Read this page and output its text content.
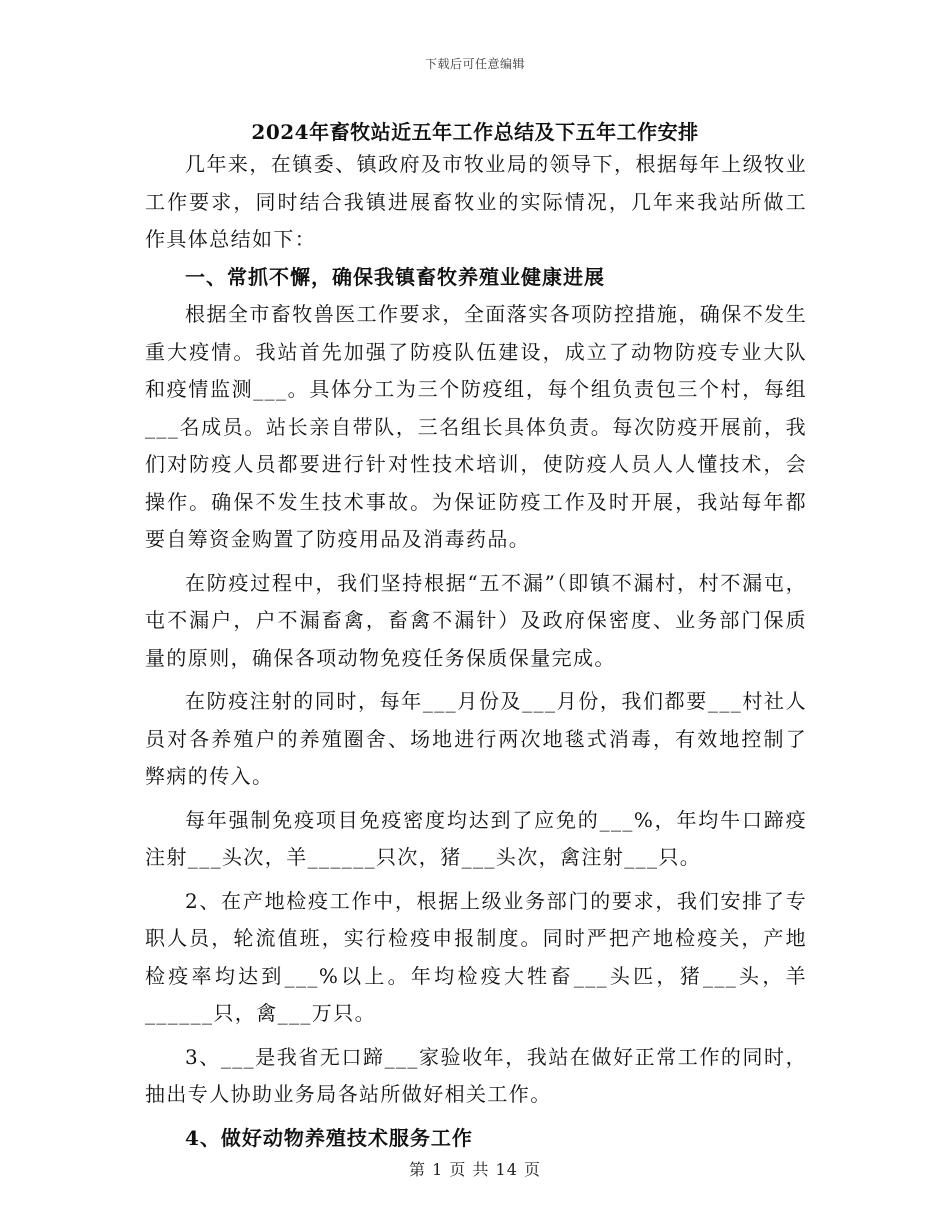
下载后可任意编辑
2024年畜牧站近五年工作总结及下五年工作安排

几年来，在镇委、镇政府及市牧业局的领导下，根据每年上级牧业工作要求，同时结合我镇进展畜牧业的实际情况，几年来我站所做工作具体总结如下：

一、常抓不懈，确保我镇畜牧养殖业健康进展

根据全市畜牧兽医工作要求，全面落实各项防控措施，确保不发生重大疫情。我站首先加强了防疫队伍建设，成立了动物防疫专业大队和疫情监测___。具体分工为三个防疫组，每个组负责包三个村，每组___名成员。站长亲自带队，三名组长具体负责。每次防疫开展前，我们对防疫人员都要进行针对性技术培训，使防疫人员人人懂技术，会操作。确保不发生技术事故。为保证防疫工作及时开展，我站每年都要自筹资金购置了防疫用品及消毒药品。

在防疫过程中，我们坚持根据“五不漏”（即镇不漏村，村不漏屯，屯不漏户，户不漏畜禽，畜禽不漏针）及政府保密度、业务部门保质量的原则，确保各项动物免疫任务保质保量完成。

在防疫注射的同时，每年___月份及___月份，我们都要___村社人员对各养殖户的养殖圈舍、场地进行两次地毯式消毒，有效地控制了弊病的传入。

每年强制免疫项目免疫密度均达到了应免的___%，年均牛口蹄疫注射___头次，羊______只次，猪___头次，禽注射___只。

2、在产地检疫工作中，根据上级业务部门的要求，我们安排了专职人员，轮流值班，实行检疫申报制度。同时严把产地检疫关，产地检疫率均达到___%以上。年均检疫大牲畜___头匹，猪___头，羊______只，禽___万只。

3、___是我省无口蹄___家验收年，我站在做好正常工作的同时，抽出专人协助业务局各站所做好相关工作。

4、做好动物养殖技术服务工作

第 1 页 共 14 页
